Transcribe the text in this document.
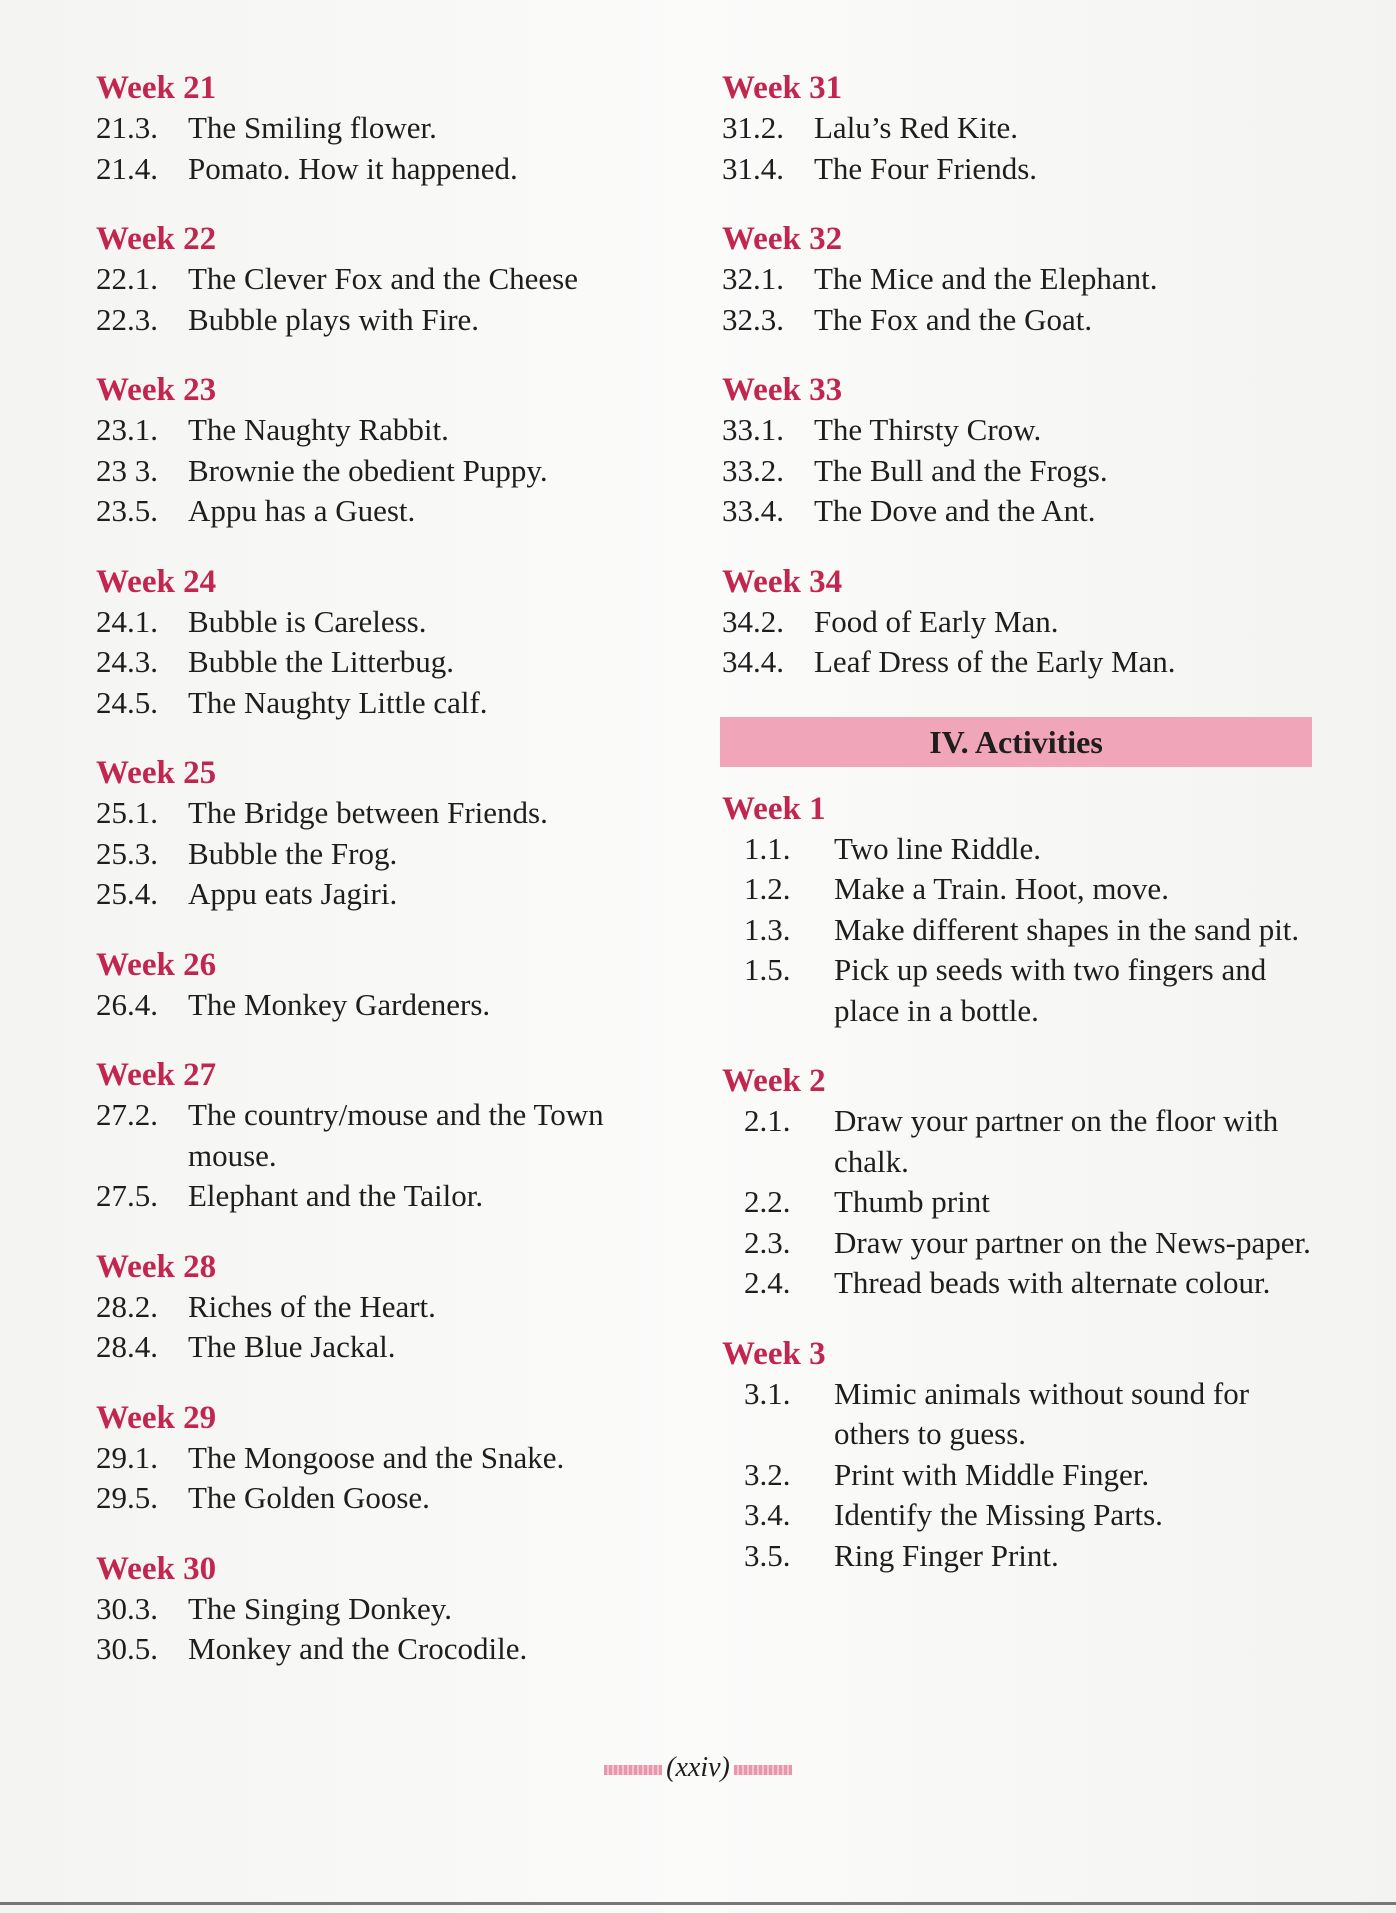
Week 21
21.3. The Smiling flower.
21.4. Pomato. How it happened.
Week 22
22.1. The Clever Fox and the Cheese
22.3. Bubble plays with Fire.
Week 23
23.1. The Naughty Rabbit.
23 3. Brownie the obedient Puppy.
23.5. Appu has a Guest.
Week 24
24.1. Bubble is Careless.
24.3. Bubble the Litterbug.
24.5. The Naughty Little calf.
Week 25
25.1. The Bridge between Friends.
25.3. Bubble the Frog.
25.4. Appu eats Jagiri.
Week 26
26.4. The Monkey Gardeners.
Week 27
27.2. The country/mouse and the Town mouse.
27.5. Elephant and the Tailor.
Week 28
28.2. Riches of the Heart.
28.4. The Blue Jackal.
Week 29
29.1. The Mongoose and the Snake.
29.5. The Golden Goose.
Week 30
30.3. The Singing Donkey.
30.5. Monkey and the Crocodile.
Week 31
31.2. Lalu’s Red Kite.
31.4. The Four Friends.
Week 32
32.1. The Mice and the Elephant.
32.3. The Fox and the Goat.
Week 33
33.1. The Thirsty Crow.
33.2. The Bull and the Frogs.
33.4. The Dove and the Ant.
Week 34
34.2. Food of Early Man.
34.4. Leaf Dress of the Early Man.
IV. Activities
Week 1
1.1.	Two line Riddle.
1.2.	Make a Train. Hoot, move.
1.3.	Make different shapes in the sand pit.
1.5.	Pick up seeds with two fingers and place in a bottle.
Week 2
2.1.	Draw your partner on the floor with chalk.
2.2.	Thumb print
2.3.	Draw your partner on the News-paper.
2.4.	Thread beads with alternate colour.
Week 3
3.1.	Mimic animals without sound for others to guess.
3.2.	Print with Middle Finger.
3.4.	Identify the Missing Parts.
3.5.	Ring Finger Print.
(xxiv)
